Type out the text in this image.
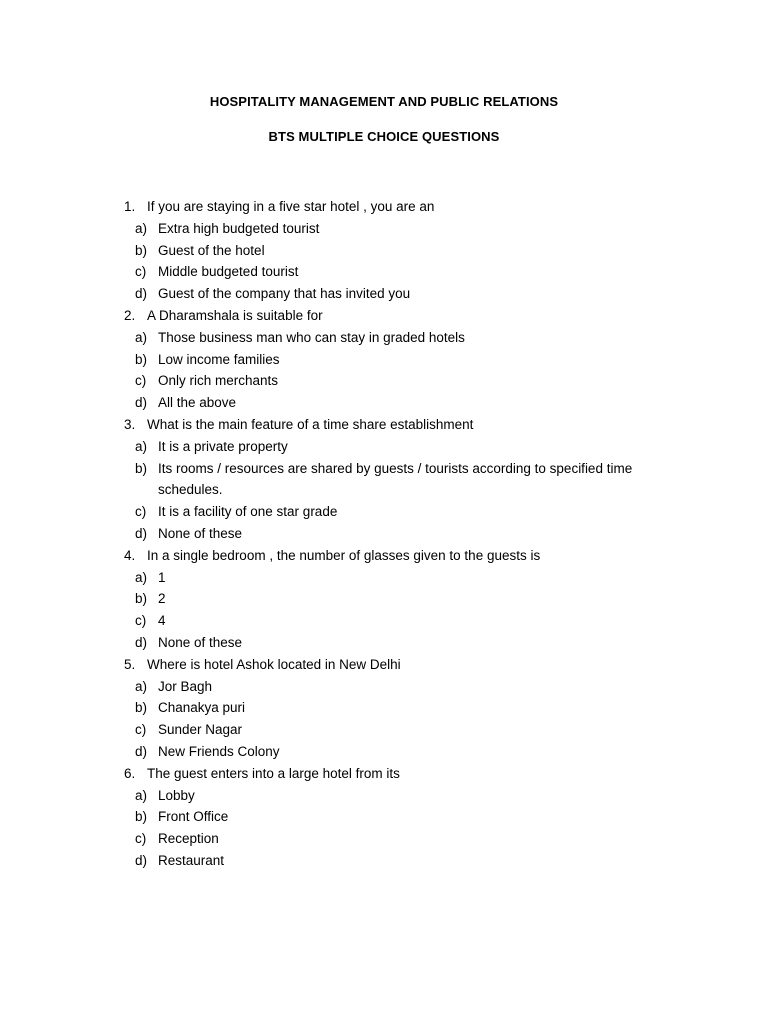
HOSPITALITY MANAGEMENT AND PUBLIC RELATIONS
BTS MULTIPLE CHOICE QUESTIONS
1. If you are staying in a five star hotel , you are an
a) Extra high budgeted tourist
b) Guest of the hotel
c) Middle budgeted tourist
d) Guest of the company that has invited you
2. A Dharamshala is suitable for
a) Those business man who can stay in graded hotels
b) Low income families
c) Only rich merchants
d) All the above
3. What is the main feature of a time share establishment
a) It is a private property
b) Its rooms / resources are shared by guests / tourists according to specified time schedules.
c) It is a facility of one star grade
d) None of these
4. In a single bedroom , the number of glasses given to the guests is
a) 1
b) 2
c) 4
d) None of these
5. Where is hotel Ashok located in New Delhi
a) Jor Bagh
b) Chanakya puri
c) Sunder Nagar
d) New Friends Colony
6. The guest enters into a large hotel from its
a) Lobby
b) Front Office
c) Reception
d) Restaurant
